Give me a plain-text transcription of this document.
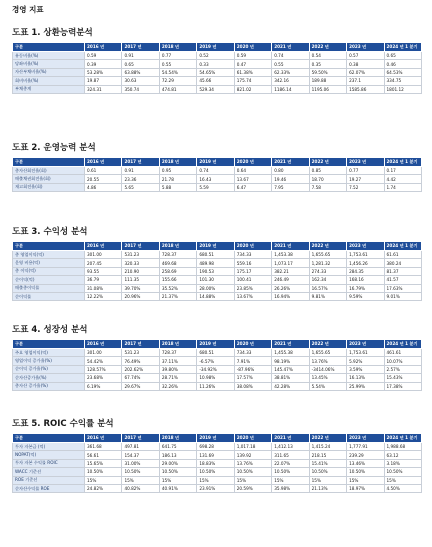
경영 지표
도표 1. 상환능력분석
구분	2016 년	2017 년	2018 년	2019 년	2020 년	2021 년	2022 년	2023 년	2024 년 1 분기
유동비율(%)	0.59	0.91	0.77	0.52	0.59	0.74	0.54	0.57	0.65
당좌비율(%)	0.39	0.65	0.55	0.33	0.47	0.55	0.35	0.38	0.46
자산부채비율(%)	53.28%	63.88%	54.54%	54.65%	61.38%	62.33%	59.50%	62.07%	64.53%
회비비율(%)	19.87	30.63	72.29	45.66	175.74	342.16	189.88	237.1	334.75
부채총계	324.31	350.74	474.81	529.34	821.02	1186.14	1195.06	1585.86	1801.12
도표 2. 운영능력 분석
구분	2016 년	2017 년	2018 년	2019 년	2020 년	2021 년	2022 년	2023 년	2024 년 1 분기
총자산회전율(회)	0.61	0.91	0.95	0.74	0.64	0.80	0.85	0.77	0.17
매출채권회전율(회)	20.55	23.36	21.78	16.43	13.67	19.46	18.70	19.27	4.42
재고회전율(회)	4.86	5.65	5.88	5.59	6.47	7.95	7.58	7.52	1.74
도표 3. 수익성 분석
구분	2016 년	2017 년	2018 년	2019 년	2020 년	2021 년	2022 년	2023 년	2024 년 1 분기
총 영업이익(억)	301.00	531.23	728.37	680.51	734.33	1,453.38	1,655.65	1,753.61	61.61
운영 비용(억)	207.45	320.33	469.68	489.98	559.16	1,073.17	1,281.32	1,456.26	380.24
총 이익(억)	93.55	210.90	258.69	190.53	175.17	382.21	274.33	284.35	81.37
순이익(억)	36.79	111.35	155.66	101.30	100.41	246.49	162.34	168.16	41.57
매출총이익률	31.08%	39.70%	35.52%	28.00%	23.85%	26.26%	16.57%	16.79%	17.63%
순이익률	12.22%	20.96%	21.37%	14.88%	13.67%	16.94%	9.81%	9.59%	9.01%
도표 4. 성장성 분석
구분	2016 년	2017 년	2018 년	2019 년	2020 년	2021 년	2022 년	2023 년	2024 년 1 분기
주요 영업이익(억)	301.00	531.23	728.37	680.51	734.33	1,455.38	1,655.65	1,753.61	461.61
영업이익 증가율(%)	54.42%	76.49%	37.11%	-6.57%	7.91%	98.19%	13.76%	5.92%	10.07%
순이익 증가율(%)	128.57%	202.62%	39.80%	-34.92%	-87.96%	145.47%	-3414.06%	3.59%	2.57%
순자산증가율(%)	23.68%	67.74%	28.71%	10.98%	17.57%	38.81%	13.45%	16.13%	15.43%
총자산 증가율(%)	6.19%	29.67%	32.26%	11.26%	38.08%	42.28%	5.54%	25.99%	17.38%
도표 5. ROIC 수익률 분석
구분	2016 년	2017 년	2018 년	2019 년	2020 년	2021 년	2022 년	2023 년	2024 년 1 분기
투자 자본금 (억)	361.68	497.81	641.75	698.28	1,017.18	1,412.13	1,415.24	1,777.91	1,988.68
NOPAT(억)	56.61	154.37	186.13	131.69	139.92	311.65	218.15	239.29	63.12
투자 자본 수익률 ROIC	15.65%	31.00%	29.00%	18.83%	13.76%	22.07%	15.41%	13.46%	3.18%
WACC 기준선	10.50%	10.50%	10.50%	10.50%	10.50%	10.50%	10.50%	10.50%	10.50%
ROE 기준선	15%	15%	15%	15%	15%	15%	15%	15%	15%
순자산수익률 ROE	24.82%	40.82%	40.91%	23.91%	20.59%	35.98%	21.13%	18.97%	4.50%
